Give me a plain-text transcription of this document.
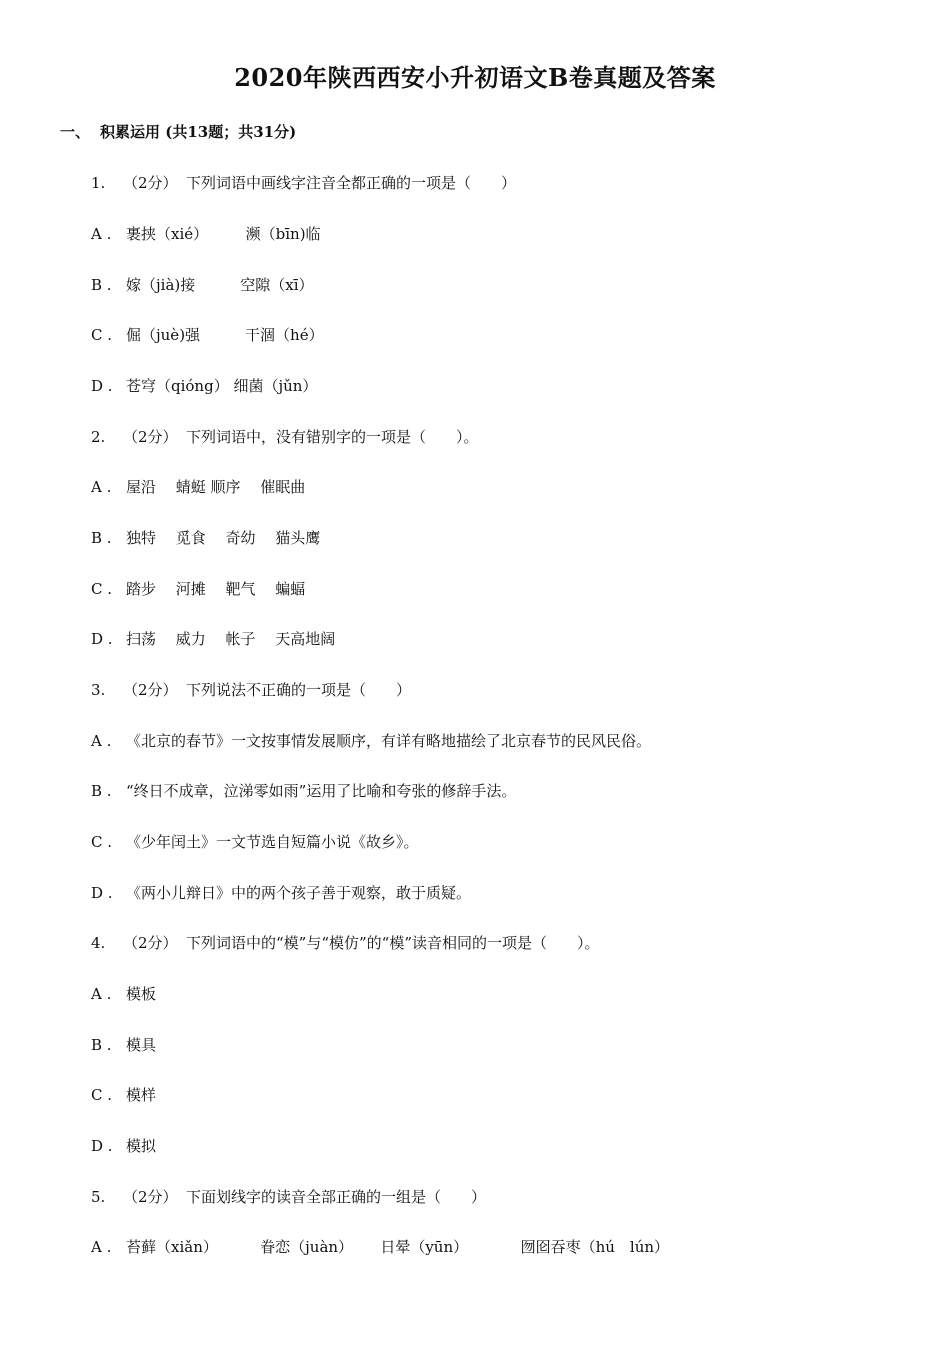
2020年陕西西安小升初语文B卷真题及答案
一、 积累运用 (共13题；共31分)
1. （2分） 下列词语中画线字注音全都正确的一项是（　　）
A . 裹挟（xié）　　　濒（bīn)临
B . 嫁（jià)接　　　空隙（xī）
C . 倔（juè)强　　　干涸（hé）
D . 苍穹（qióng） 细菌（jǔn）
2. （2分） 下列词语中，没有错别字的一项是（　　）。
A . 屋沿　 蜻蜓 顺序　 催眠曲
B . 独特　 觅食　 奇幼　 猫头鹰
C . 踏步　 河摊　 靶气　 蝙蝠
D . 扫荡　 威力　 帐子　 天高地阔
3. （2分） 下列说法不正确的一项是（　　）
A . 《北京的春节》一文按事情发展顺序，有详有略地描绘了北京春节的民风民俗。
B . “终日不成章，泣涕零如雨”运用了比喻和夸张的修辞手法。
C . 《少年闰土》一文节选自短篇小说《故乡》。
D . 《两小儿辩日》中的两个孩子善于观察，敢于质疑。
4. （2分） 下列词语中的“模”与“模仿”的“模”读音相同的一项是（　　）。
A . 模板
B . 模具
C . 模样
D . 模拟
5. （2分） 下面划线字的读音全部正确的一组是（　　）
A . 苔藓（xiǎn）　　　 眷恋（juàn）　　 日晕（yūn）　　　　囫囵吞枣（hú　lún）
